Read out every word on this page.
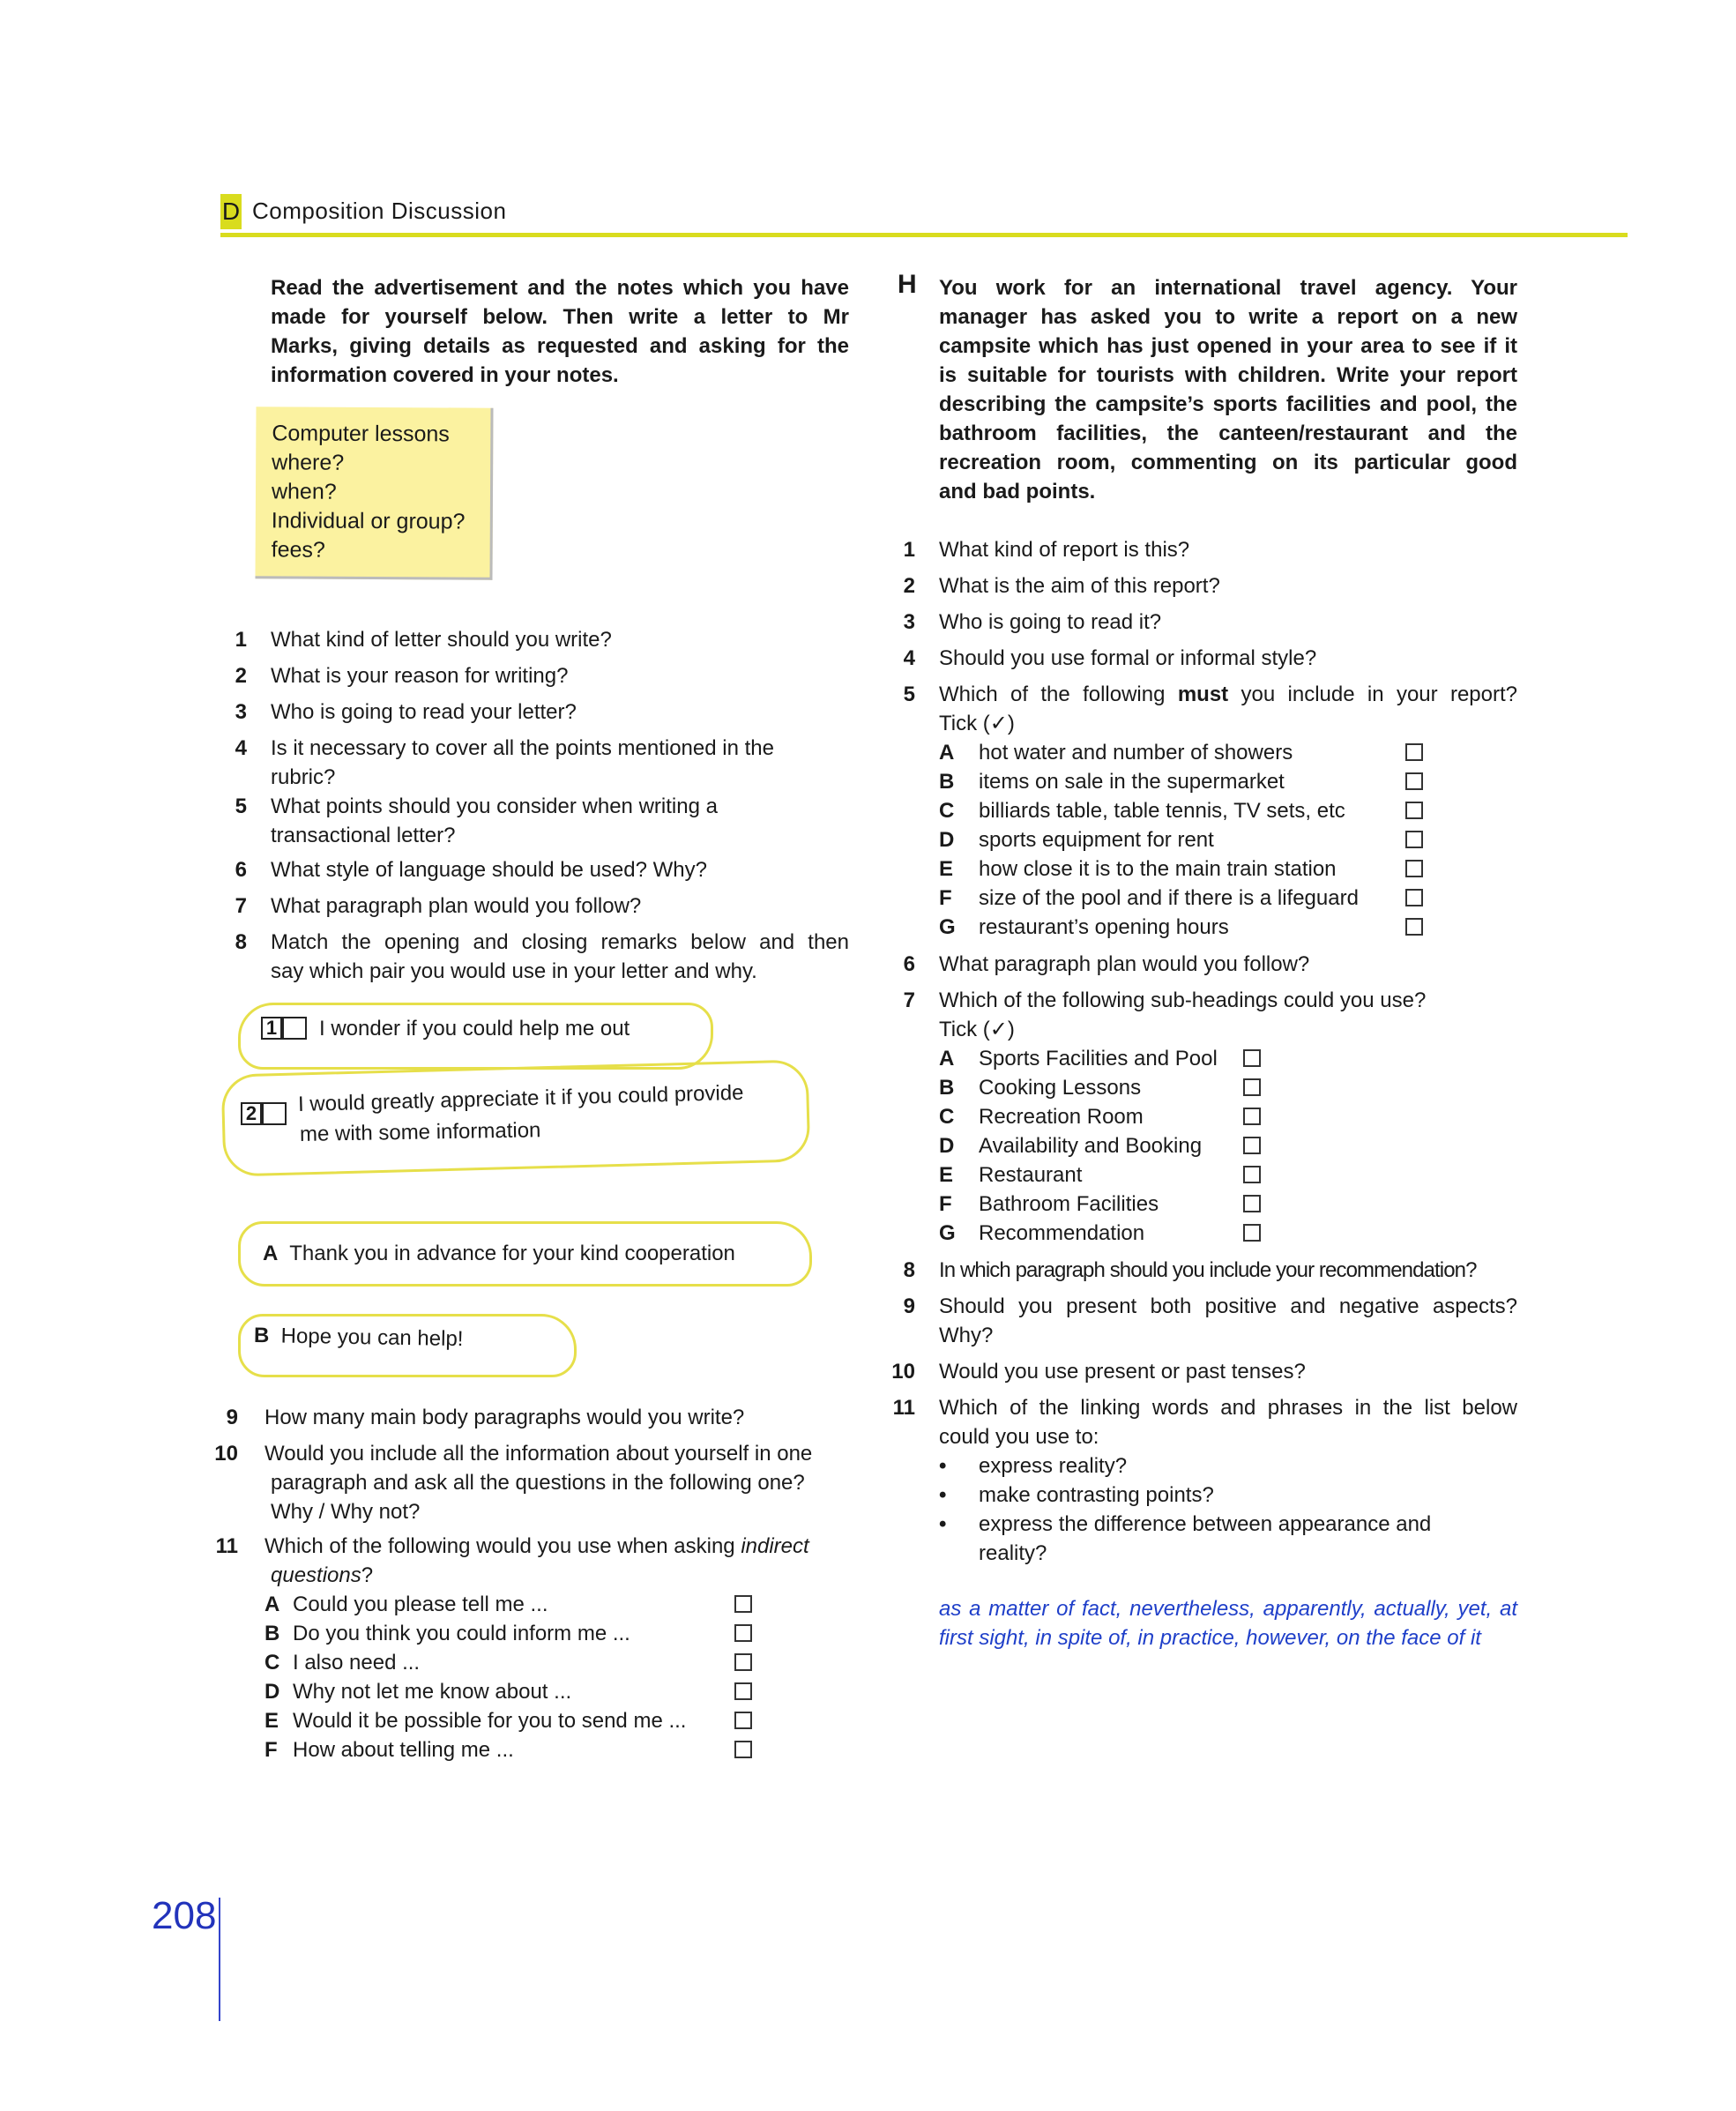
D Composition Discussion
Read the advertisement and the notes which you have
made for yourself below. Then write a letter to Mr
Marks, giving details as requested and asking for the
information covered in your notes.
Computer lessons
where?
when?
Individual or group?
fees?
1 What kind of letter should you write?
2 What is your reason for writing?
3 Who is going to read your letter?
4 Is it necessary to cover all the points mentioned in the
rubric?
5 What points should you consider when writing a
transactional letter?
6 What style of language should be used? Why?
7 What paragraph plan would you follow?
8 Match the opening and closing remarks below and then
say which pair you would use in your letter and why.
1 I wonder if you could help me out
2 I would greatly appreciate it if you could provide
me with some information
A Thank you in advance for your kind cooperation
B Hope you can help!
9 How many main body paragraphs would you write?
10 Would you include all the information about yourself in one
paragraph and ask all the questions in the following one?
Why / Why not?
11 Which of the following would you use when asking indirect
questions?
A Could you please tell me ...
B Do you think you could inform me ...
C I also need ...
D Why not let me know about ...
E Would it be possible for you to send me ...
F How about telling me ...
H You work for an international travel agency. Your
manager has asked you to write a report on a new
campsite which has just opened in your area to see if it
is suitable for tourists with children. Write your report
describing the campsite’s sports facilities and pool, the
bathroom facilities, the canteen/restaurant and the
recreation room, commenting on its particular good
and bad points.
1 What kind of report is this?
2 What is the aim of this report?
3 Who is going to read it?
4 Should you use formal or informal style?
5 Which of the following must you include in your report?
Tick (✓)
A hot water and number of showers
B items on sale in the supermarket
C billiards table, table tennis, TV sets, etc
D sports equipment for rent
E how close it is to the main train station
F size of the pool and if there is a lifeguard
G restaurant’s opening hours
6 What paragraph plan would you follow?
7 Which of the following sub-headings could you use?
Tick (✓)
A Sports Facilities and Pool
B Cooking Lessons
C Recreation Room
D Availability and Booking
E Restaurant
F Bathroom Facilities
G Recommendation
8 In which paragraph should you include your recommendation?
9 Should you present both positive and negative aspects?
Why?
10 Would you use present or past tenses?
11 Which of the linking words and phrases in the list below
could you use to:
• express reality?
• make contrasting points?
• express the difference between appearance and
reality?
as a matter of fact, nevertheless, apparently, actually, yet, at
first sight, in spite of, in practice, however, on the face of it
208
